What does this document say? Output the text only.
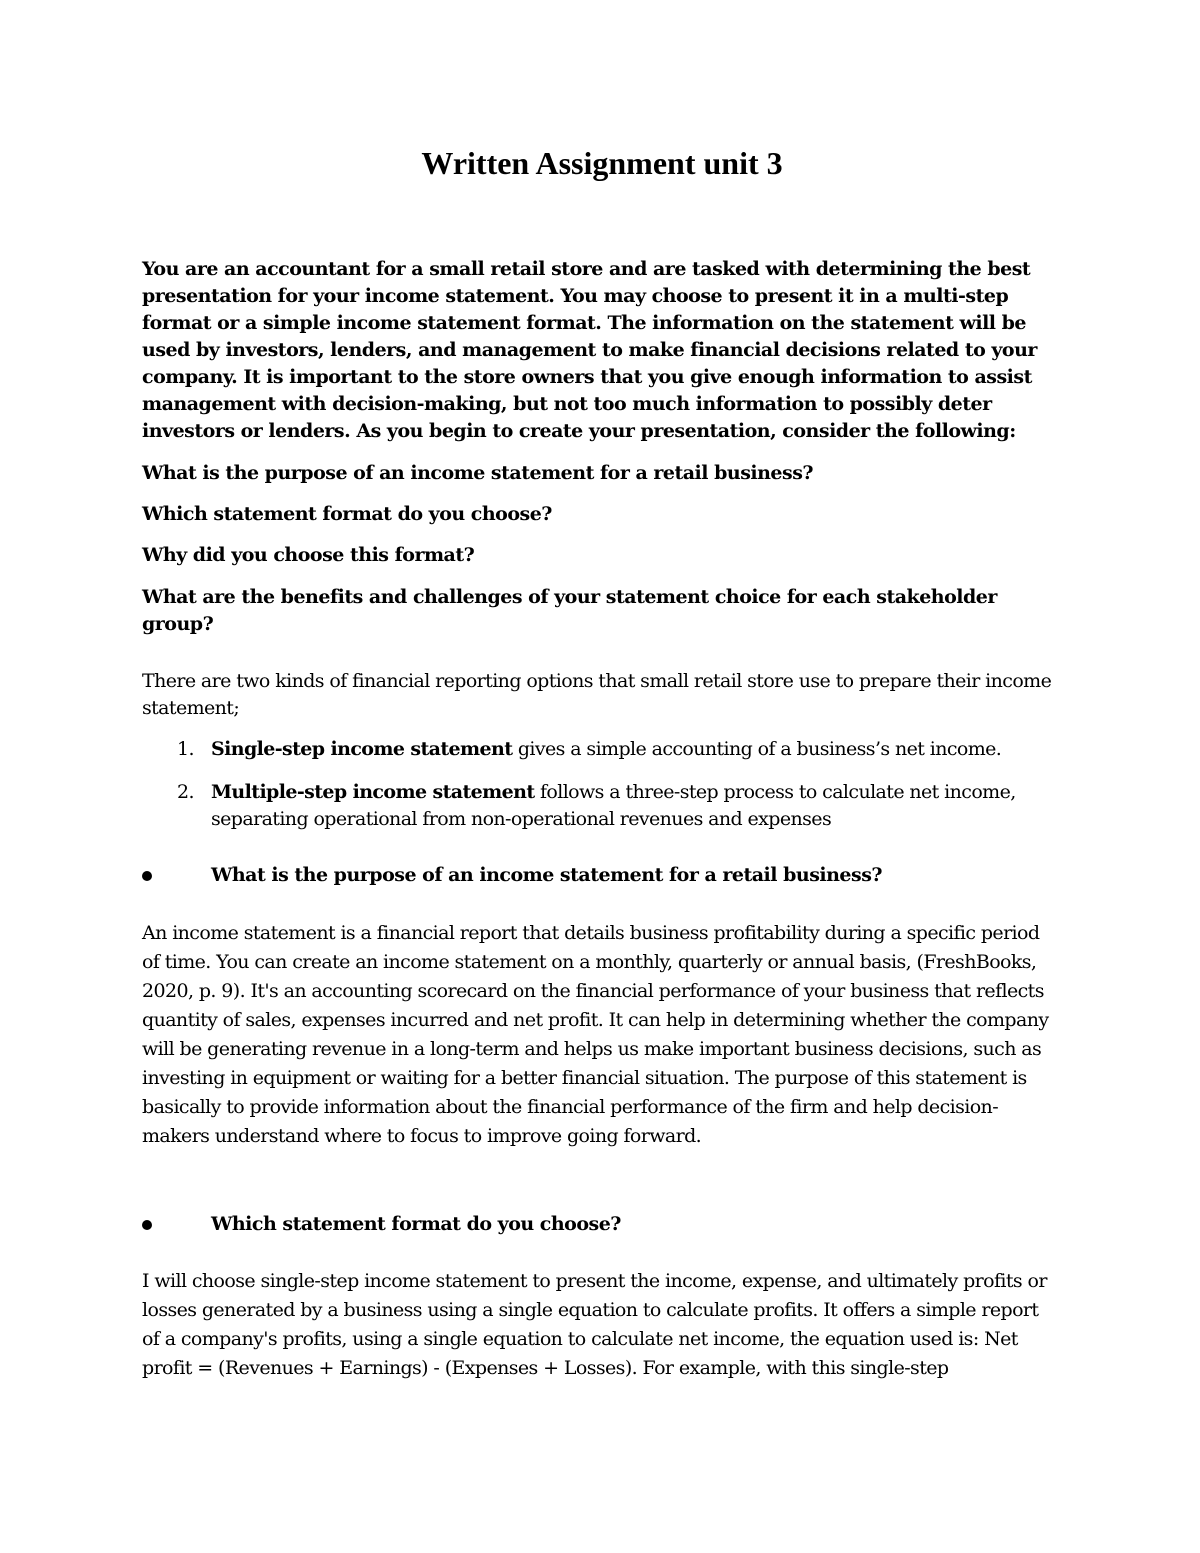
Written Assignment unit 3

You are an accountant for a small retail store and are tasked with determining the best presentation for your income statement. You may choose to present it in a multi-step format or a simple income statement format. The information on the statement will be used by investors, lenders, and management to make financial decisions related to your company. It is important to the store owners that you give enough information to assist management with decision-making, but not too much information to possibly deter investors or lenders. As you begin to create your presentation, consider the following:

What is the purpose of an income statement for a retail business?

Which statement format do you choose?

Why did you choose this format?

What are the benefits and challenges of your statement choice for each stakeholder group?

There are two kinds of financial reporting options that small retail store use to prepare their income statement;

1. Single-step income statement gives a simple accounting of a business’s net income.
2. Multiple-step income statement follows a three-step process to calculate net income, separating operational from non-operational revenues and expenses
What is the purpose of an income statement for a retail business?

An income statement is a financial report that details business profitability during a specific period of time. You can create an income statement on a monthly, quarterly or annual basis, (FreshBooks, 2020, p. 9). It's an accounting scorecard on the financial performance of your business that reflects quantity of sales, expenses incurred and net profit. It can help in determining whether the company will be generating revenue in a long-term and helps us make important business decisions, such as investing in equipment or waiting for a better financial situation. The purpose of this statement is basically to provide information about the financial performance of the firm and help decision-makers understand where to focus to improve going forward.

Which statement format do you choose?

I will choose single-step income statement to present the income, expense, and ultimately profits or losses generated by a business using a single equation to calculate profits. It offers a simple report of a company's profits, using a single equation to calculate net income, the equation used is: Net profit = (Revenues + Earnings) - (Expenses + Losses). For example, with this single-step
